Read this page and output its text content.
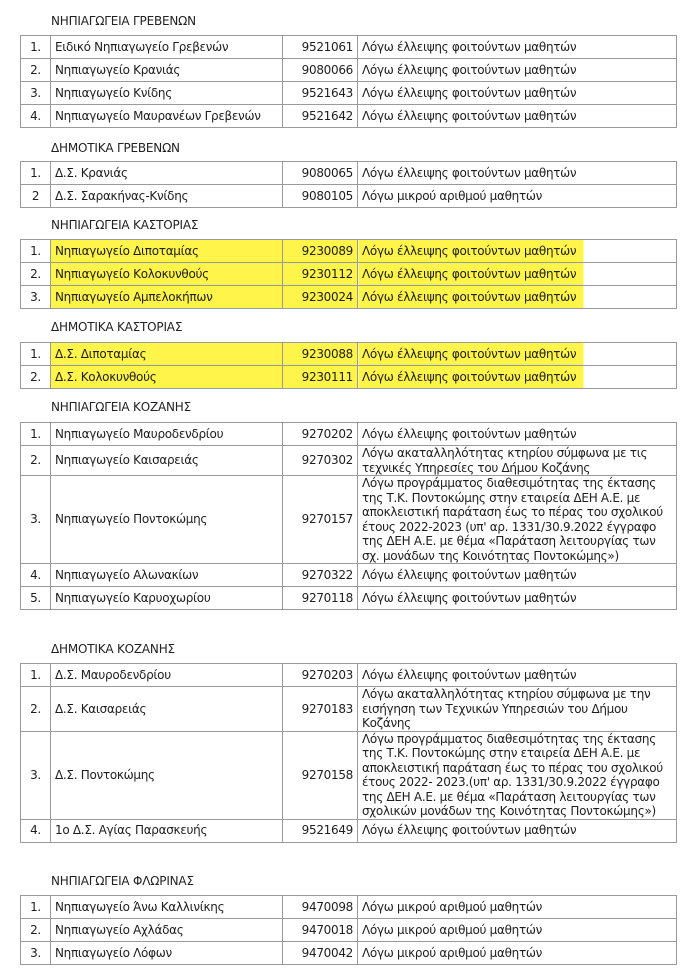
ΝΗΠΙΑΓΩΓΕΙΑ ΓΡΕΒΕΝΩΝ
1.	Ειδικό Νηπιαγωγείο Γρεβενών	9521061	Λόγω έλλειψης φοιτούντων μαθητών
2.	Νηπιαγωγείο Κρανιάς	9080066	Λόγω έλλειψης φοιτούντων μαθητών
3.	Νηπιαγωγείο Κνίδης	9521643	Λόγω έλλειψης φοιτούντων μαθητών
4.	Νηπιαγωγείο Μαυρανέων Γρεβενών	9521642	Λόγω έλλειψης φοιτούντων μαθητών
ΔΗΜΟΤΙΚΑ ΓΡΕΒΕΝΩΝ
1.	Δ.Σ. Κρανιάς	9080065	Λόγω έλλειψης φοιτούντων μαθητών
2	Δ.Σ. Σαρακήνας-Κνίδης	9080105	Λόγω μικρού αριθμού μαθητών
ΝΗΠΙΑΓΩΓΕΙΑ ΚΑΣΤΟΡΙΑΣ
1.	Νηπιαγωγείο Διποταμίας	9230089	Λόγω έλλειψης φοιτούντων μαθητών
2.	Νηπιαγωγείο Κολοκυνθούς	9230112	Λόγω έλλειψης φοιτούντων μαθητών
3.	Νηπιαγωγείο Αμπελοκήπων	9230024	Λόγω έλλειψης φοιτούντων μαθητών
ΔΗΜΟΤΙΚΑ ΚΑΣΤΟΡΙΑΣ
1.	Δ.Σ. Διποταμίας	9230088	Λόγω έλλειψης φοιτούντων μαθητών
2.	Δ.Σ. Κολοκυνθούς	9230111	Λόγω έλλειψης φοιτούντων μαθητών
ΝΗΠΙΑΓΩΓΕΙΑ ΚΟΖΑΝΗΣ
1.	Νηπιαγωγείο Μαυροδενδρίου	9270202	Λόγω έλλειψης φοιτούντων μαθητών
2.	Νηπιαγωγείο Καισαρειάς	9270302	Λόγω ακαταλληλότητας κτηρίου σύμφωνα με τις τεχνικές Υπηρεσίες του Δήμου Κοζάνης
3.	Νηπιαγωγείο Ποντοκώμης	9270157	Λόγω προγράμματος διαθεσιμότητας της έκτασης της Τ.Κ. Ποντοκώμης στην εταιρεία ΔΕΗ Α.Ε. με αποκλειστική παράταση έως το πέρας του σχολικού έτους 2022-2023 (υπ' αρ. 1331/30.9.2022 έγγραφο της ΔΕΗ Α.Ε. με θέμα «Παράταση λειτουργίας των σχ. μονάδων της Κοινότητας Ποντοκώμης»)
4.	Νηπιαγωγείο Αλωνακίων	9270322	Λόγω έλλειψης φοιτούντων μαθητών
5.	Νηπιαγωγείο Καρυοχωρίου	9270118	Λόγω έλλειψης φοιτούντων μαθητών
ΔΗΜΟΤΙΚΑ ΚΟΖΑΝΗΣ
1.	Δ.Σ. Μαυροδενδρίου	9270203	Λόγω έλλειψης φοιτούντων μαθητών
2.	Δ.Σ. Καισαρειάς	9270183	Λόγω ακαταλληλότητας κτηρίου σύμφωνα με την εισήγηση των Τεχνικών Υπηρεσιών του Δήμου Κοζάνης
3.	Δ.Σ. Ποντοκώμης	9270158	Λόγω προγράμματος διαθεσιμότητας της έκτασης της Τ.Κ. Ποντοκώμης στην εταιρεία ΔΕΗ Α.Ε. με αποκλειστική παράταση έως το πέρας του σχολικού έτους 2022- 2023.(υπ' αρ. 1331/30.9.2022 έγγραφο της ΔΕΗ Α.Ε. με θέμα «Παράταση λειτουργίας των σχολικών μονάδων της Κοινότητας Ποντοκώμης»)
4.	1ο Δ.Σ. Αγίας Παρασκευής	9521649	Λόγω έλλειψης φοιτούντων μαθητών
ΝΗΠΙΑΓΩΓΕΙΑ ΦΛΩΡΙΝΑΣ
1.	Νηπιαγωγείο Άνω Καλλινίκης	9470098	Λόγω μικρού αριθμού μαθητών
2.	Νηπιαγωγείο Αχλάδας	9470018	Λόγω μικρού αριθμού μαθητών
3.	Νηπιαγωγείο Λόφων	9470042	Λόγω μικρού αριθμού μαθητών
